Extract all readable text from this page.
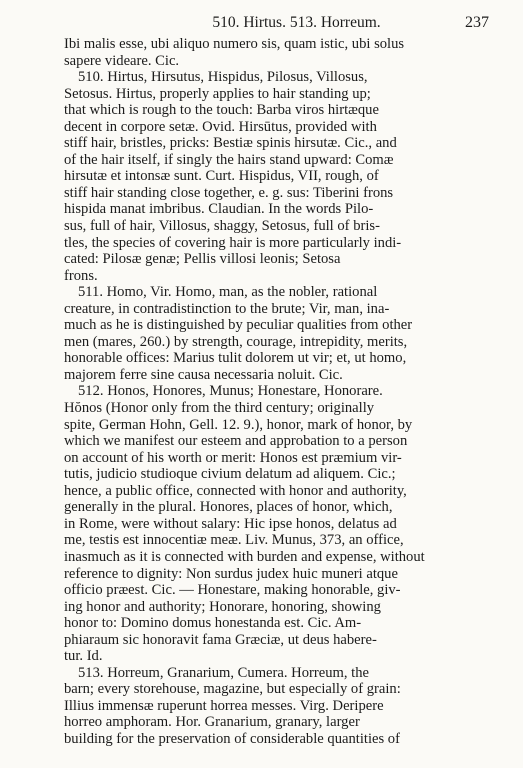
510. Hirtus. 513. Horreum.	237

Ibi malis esse, ubi aliquo numero sis, quam istic, ubi solus
sapere videare. Cic.

510. Hirtus, Hirsutus, Hispidus, Pilosus, Villosus,
Setosus. Hirtus, properly applies to hair standing up;
that which is rough to the touch: Barba viros hirtæque
decent in corpore setæ. Ovid. Hirsūtus, provided with
stiff hair, bristles, pricks: Bestiæ spinis hirsutæ. Cic., and
of the hair itself, if singly the hairs stand upward: Comæ
hirsutæ et intonsæ sunt. Curt. Hispidus, VII, rough, of
stiff hair standing close together, e. g. sus: Tiberini frons
hispida manat imbribus. Claudian. In the words Pilo-
sus, full of hair, Villosus, shaggy, Setosus, full of bris-
tles, the species of covering hair is more particularly indi-
cated: Pilosæ genæ; Pellis villosi leonis; Setosa
frons.

511. Homo, Vir. Homo, man, as the nobler, rational
creature, in contradistinction to the brute; Vir, man, ina-
much as he is distinguished by peculiar qualities from other
men (mares, 260.) by strength, courage, intrepidity, merits,
honorable offices: Marius tulit dolorem ut vir; et, ut homo,
majorem ferre sine causa necessaria noluit. Cic.

512. Honos, Honores, Munus; Honestare, Honorare.
Hŏnos (Honor only from the third century; originally
spite, German Hohn, Gell. 12. 9.), honor, mark of honor, by
which we manifest our esteem and approbation to a person
on account of his worth or merit: Honos est præmium vir-
tutis, judicio studioque civium delatum ad aliquem. Cic.;
hence, a public office, connected with honor and authority,
generally in the plural. Honores, places of honor, which,
in Rome, were without salary: Hic ipse honos, delatus ad
me, testis est innocentiæ meæ. Liv. Munus, 373, an office,
inasmuch as it is connected with burden and expense, without
reference to dignity: Non surdus judex huic muneri atque
officio præest. Cic. — Honestare, making honorable, giv-
ing honor and authority; Honorare, honoring, showing
honor to: Domino domus honestanda est. Cic. Am-
phiaraum sic honoravit fama Græciæ, ut deus haberе-
tur. Id.

513. Horreum, Granarium, Cumera. Horreum, the
barn; every storehouse, magazine, but especially of grain:
Illius immensæ ruperunt horrea messes. Virg. Deripere
horreo amphoram. Hor. Granarium, granary, larger
building for the preservation of considerable quantities of
